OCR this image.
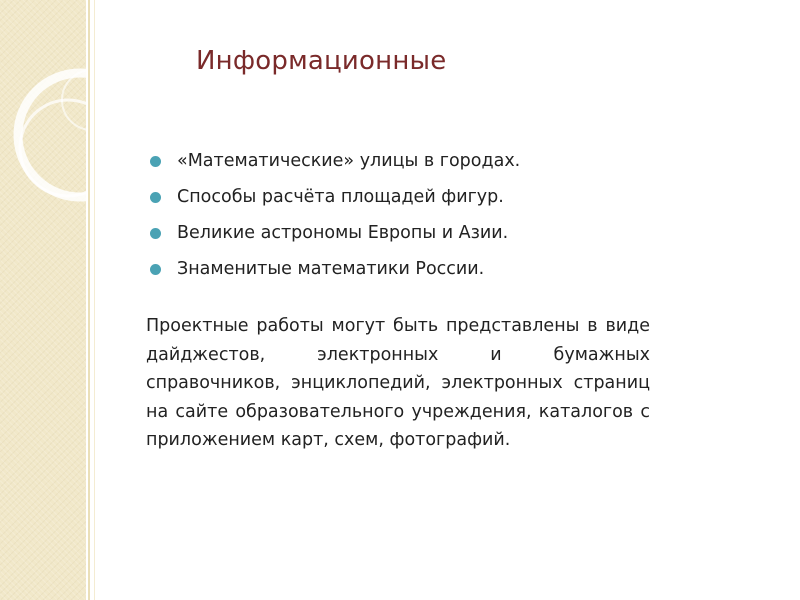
Информационные
«Математические» улицы в городах.
Способы расчёта площадей фигур.
Великие астрономы Европы и Азии.
Знаменитые математики России.

Проектные работы могут быть представлены в виде дайджестов, электронных и бумажных справочников, энциклопедий, электронных страниц на сайте образовательного учреждения, каталогов с приложением карт, схем, фотографий.
